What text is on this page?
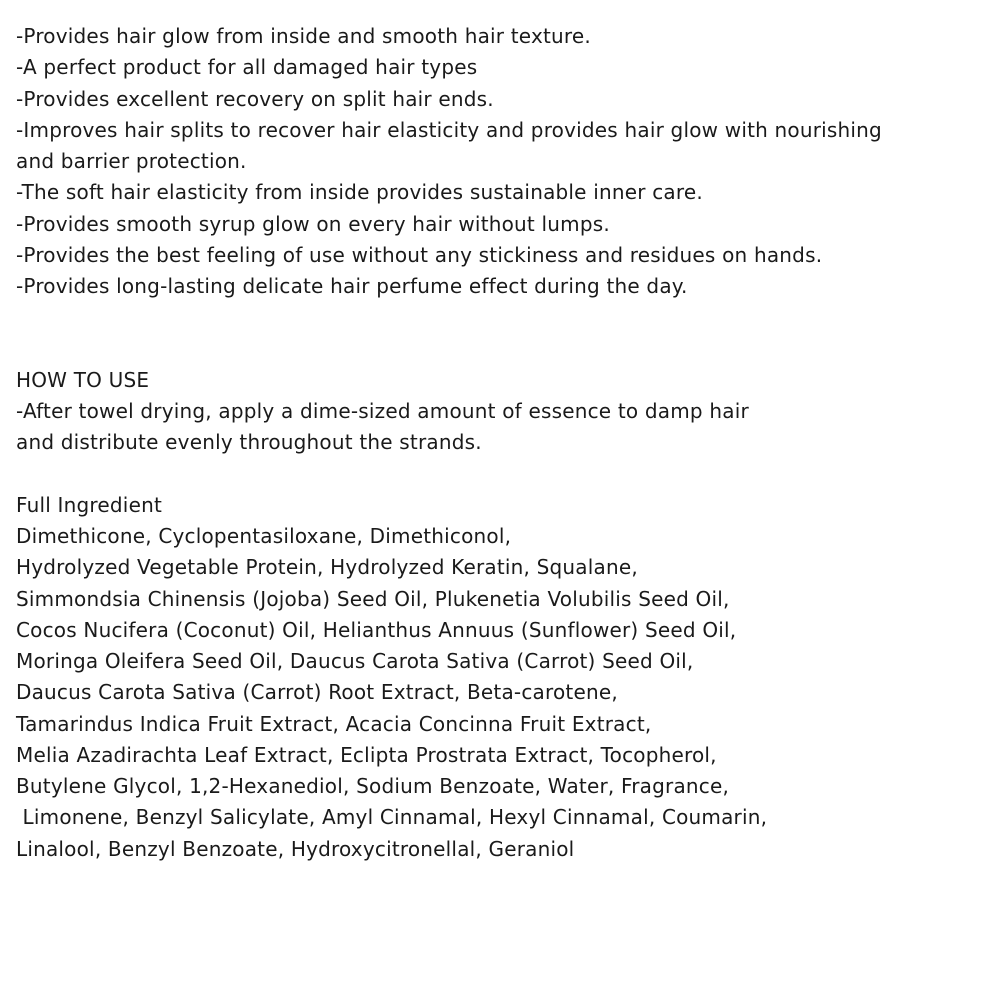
-Provides hair glow from inside and smooth hair texture.
-A perfect product for all damaged hair types
-Provides excellent recovery on split hair ends.
-Improves hair splits to recover hair elasticity and provides hair glow with nourishing
and barrier protection.
-The soft hair elasticity from inside provides sustainable inner care.
-Provides smooth syrup glow on every hair without lumps.
-Provides the best feeling of use without any stickiness and residues on hands.
-Provides long-lasting delicate hair perfume effect during the day.
HOW TO USE
-After towel drying, apply a dime-sized amount of essence to damp hair
and distribute evenly throughout the strands.
Full Ingredient
Dimethicone, Cyclopentasiloxane, Dimethiconol,
Hydrolyzed Vegetable Protein, Hydrolyzed Keratin, Squalane,
Simmondsia Chinensis (Jojoba) Seed Oil, Plukenetia Volubilis Seed Oil,
Cocos Nucifera (Coconut) Oil, Helianthus Annuus (Sunflower) Seed Oil,
Moringa Oleifera Seed Oil, Daucus Carota Sativa (Carrot) Seed Oil,
Daucus Carota Sativa (Carrot) Root Extract, Beta-carotene,
Tamarindus Indica Fruit Extract, Acacia Concinna Fruit Extract,
Melia Azadirachta Leaf Extract, Eclipta Prostrata Extract, Tocopherol,
Butylene Glycol, 1,2-Hexanediol, Sodium Benzoate, Water, Fragrance,
Limonene, Benzyl Salicylate, Amyl Cinnamal, Hexyl Cinnamal, Coumarin,
Linalool, Benzyl Benzoate, Hydroxycitronellal, Geraniol
